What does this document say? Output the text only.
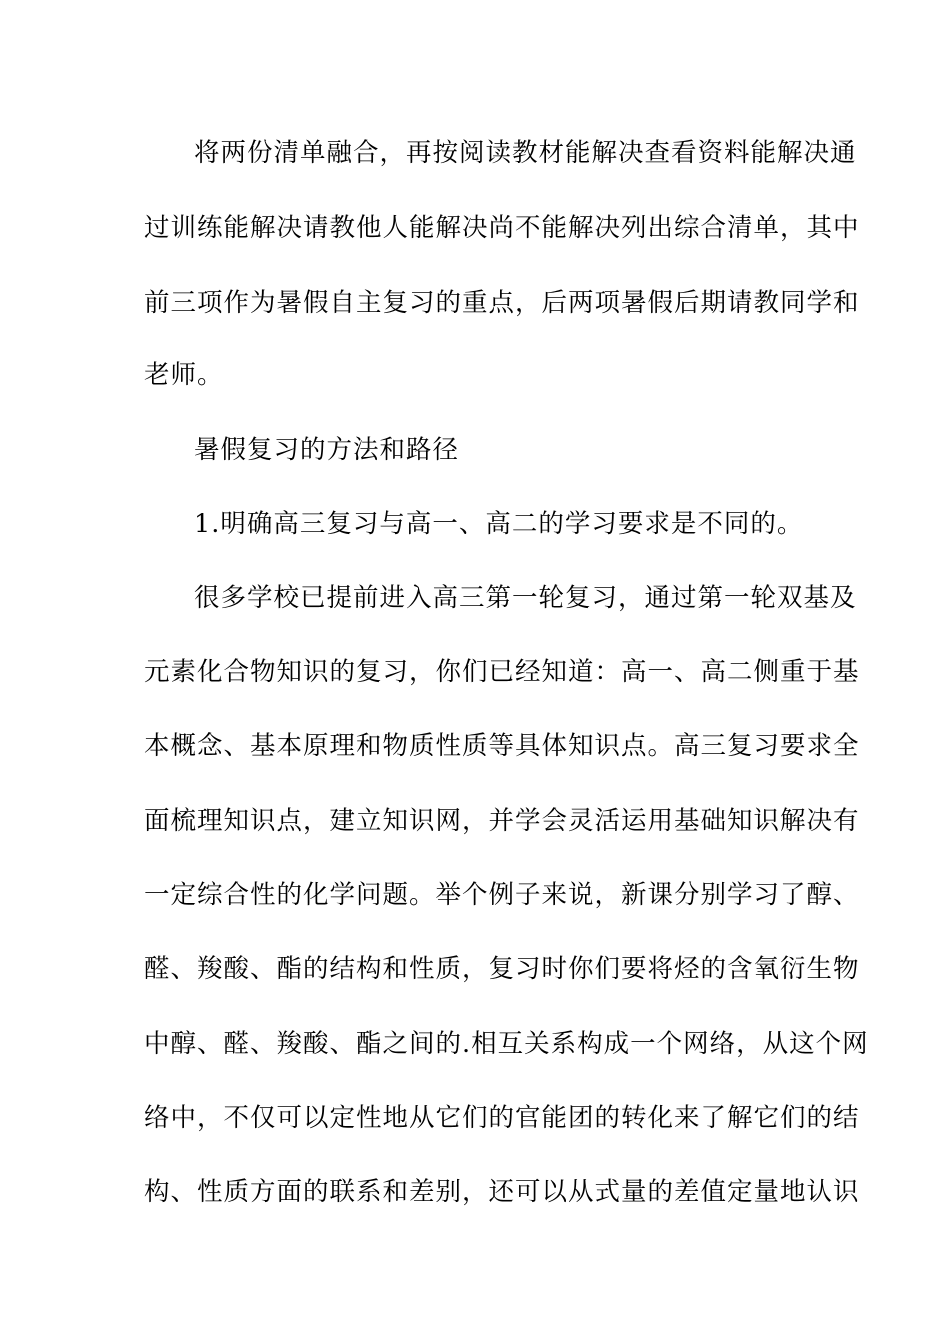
将两份清单融合，再按阅读教材能解决查看资料能解决通
过训练能解决请教他人能解决尚不能解决列出综合清单，其中
前三项作为暑假自主复习的重点，后两项暑假后期请教同学和
老师。
暑假复习的方法和路径
1.明确高三复习与高一、高二的学习要求是不同的。
很多学校已提前进入高三第一轮复习，通过第一轮双基及
元素化合物知识的复习，你们已经知道：高一、高二侧重于基
本概念、基本原理和物质性质等具体知识点。高三复习要求全
面梳理知识点，建立知识网，并学会灵活运用基础知识解决有
一定综合性的化学问题。举个例子来说，新课分别学习了醇、
醛、羧酸、酯的结构和性质，复习时你们要将烃的含氧衍生物
中醇、醛、羧酸、酯之间的.相互关系构成一个网络，从这个网
络中，不仅可以定性地从它们的官能团的转化来了解它们的结
构、性质方面的联系和差别，还可以从式量的差值定量地认识
